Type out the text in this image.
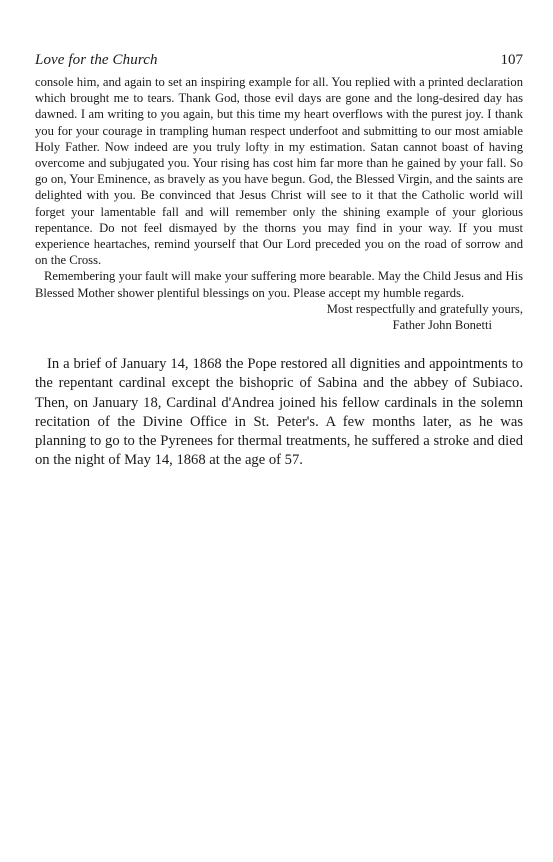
Love for the Church	107

console him, and again to set an inspiring example for all. You replied with a printed declaration which brought me to tears. Thank God, those evil days are gone and the long-desired day has dawned. I am writing to you again, but this time my heart overflows with the purest joy. I thank you for your courage in trampling human respect underfoot and submitting to our most amiable Holy Father. Now indeed are you truly lofty in my estimation. Satan cannot boast of having overcome and subjugated you. Your rising has cost him far more than he gained by your fall. So go on, Your Eminence, as bravely as you have begun. God, the Blessed Virgin, and the saints are delighted with you. Be convinced that Jesus Christ will see to it that the Catholic world will forget your lamentable fall and will remember only the shining example of your glorious repentance. Do not feel dismayed by the thorns you may find in your way. If you must experience heartaches, remind yourself that Our Lord preceded you on the road of sorrow and on the Cross.

Remembering your fault will make your suffering more bearable. May the Child Jesus and His Blessed Mother shower plentiful blessings on you. Please accept my humble regards.

Most respectfully and gratefully yours,
Father John Bonetti

In a brief of January 14, 1868 the Pope restored all dignities and appointments to the repentant cardinal except the bishopric of Sabina and the abbey of Subiaco. Then, on January 18, Cardinal d'Andrea joined his fellow cardinals in the solemn recitation of the Divine Office in St. Peter's. A few months later, as he was planning to go to the Pyrenees for thermal treatments, he suffered a stroke and died on the night of May 14, 1868 at the age of 57.
